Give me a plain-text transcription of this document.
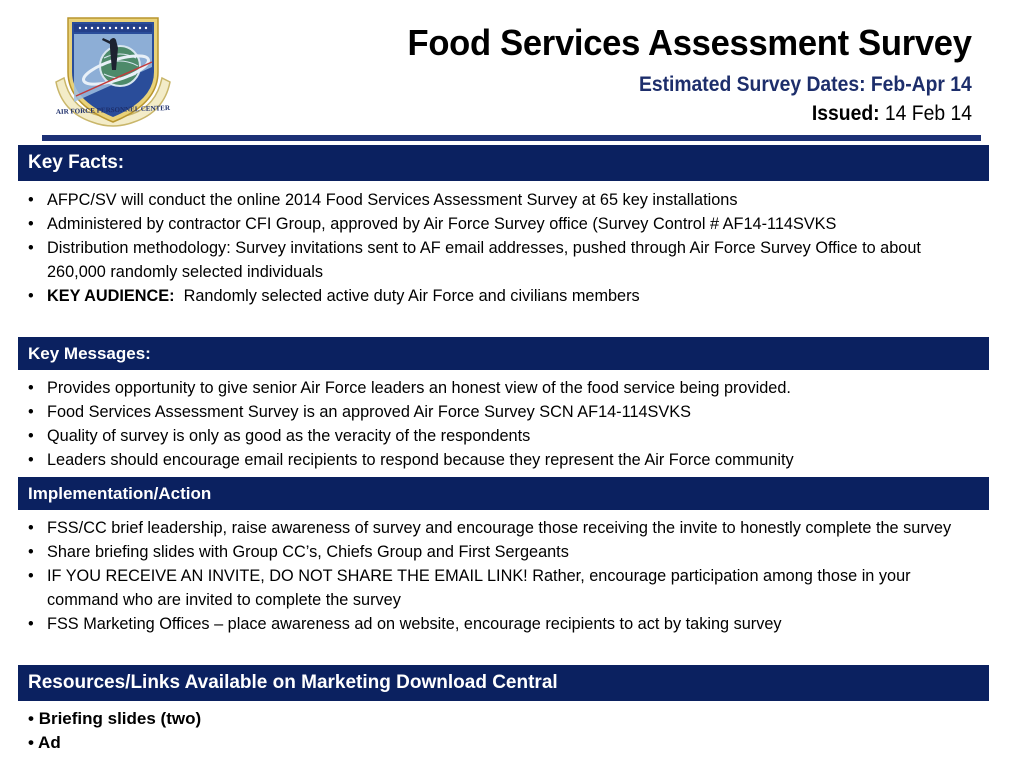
AIR FORCE PERSONNEL CENTER
Food Services Assessment Survey
Estimated Survey Dates: Feb-Apr 14
Issued: 14 Feb 14
Key Facts:
• AFPC/SV will conduct the online 2014 Food Services Assessment Survey at 65 key installations
• Administered by contractor CFI Group, approved by Air Force Survey office (Survey Control # AF14-114SVKS
• Distribution methodology: Survey invitations sent to AF email addresses, pushed through Air Force Survey Office to about 260,000 randomly selected individuals
• KEY AUDIENCE:  Randomly selected active duty Air Force and civilians members
Key Messages:
• Provides opportunity to give senior Air Force leaders an honest view of the food service being provided.
• Food Services Assessment Survey is an approved Air Force Survey SCN AF14-114SVKS
• Quality of survey is only as good as the veracity of the respondents
• Leaders should encourage email recipients to respond because they represent the Air Force community
Implementation/Action
• FSS/CC brief leadership, raise awareness of survey and encourage those receiving the invite to honestly complete the survey
• Share briefing slides with Group CC’s, Chiefs Group and First Sergeants
• IF YOU RECEIVE AN INVITE, DO NOT SHARE THE EMAIL LINK! Rather, encourage participation among those in your command who are invited to complete the survey
• FSS Marketing Offices – place awareness ad on website, encourage recipients to act by taking survey
Resources/Links Available on Marketing Download Central
• Briefing slides (two)
• Ad
